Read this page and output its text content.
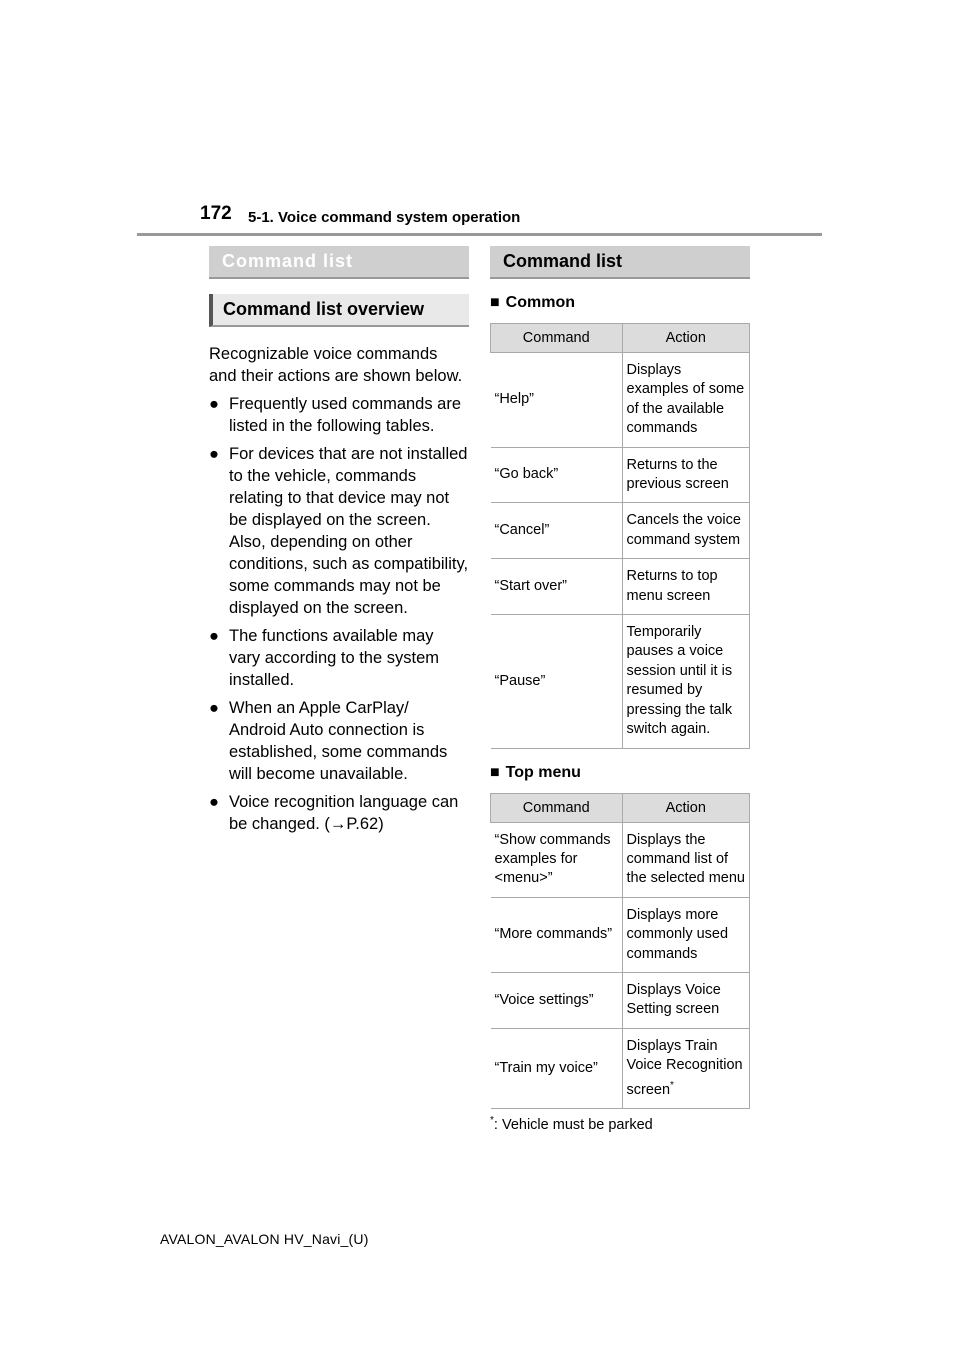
172 5-1. Voice command system operation
Command list
Command list overview
Recognizable voice commands and their actions are shown below.
● Frequently used commands are listed in the following tables.
● For devices that are not installed to the vehicle, commands relating to that device may not be displayed on the screen. Also, depending on other conditions, such as compatibility, some commands may not be displayed on the screen.
● The functions available may vary according to the system installed.
● When an Apple CarPlay/ Android Auto connection is established, some commands will become unavailable.
● Voice recognition language can be changed. (→P.62)
Command list
■ Common
Command	Action
“Help”	Displays examples of some of the available commands
“Go back”	Returns to the previous screen
“Cancel”	Cancels the voice command system
“Start over”	Returns to top menu screen
“Pause”	Temporarily pauses a voice session until it is resumed by pressing the talk switch again.
■ Top menu
Command	Action
“Show commands examples for <menu>”	Displays the command list of the selected menu
“More commands”	Displays more commonly used commands
“Voice settings”	Displays Voice Setting screen
“Train my voice”	Displays Train Voice Recognition screen*
*: Vehicle must be parked
AVALON_AVALON HV_Navi_(U)
